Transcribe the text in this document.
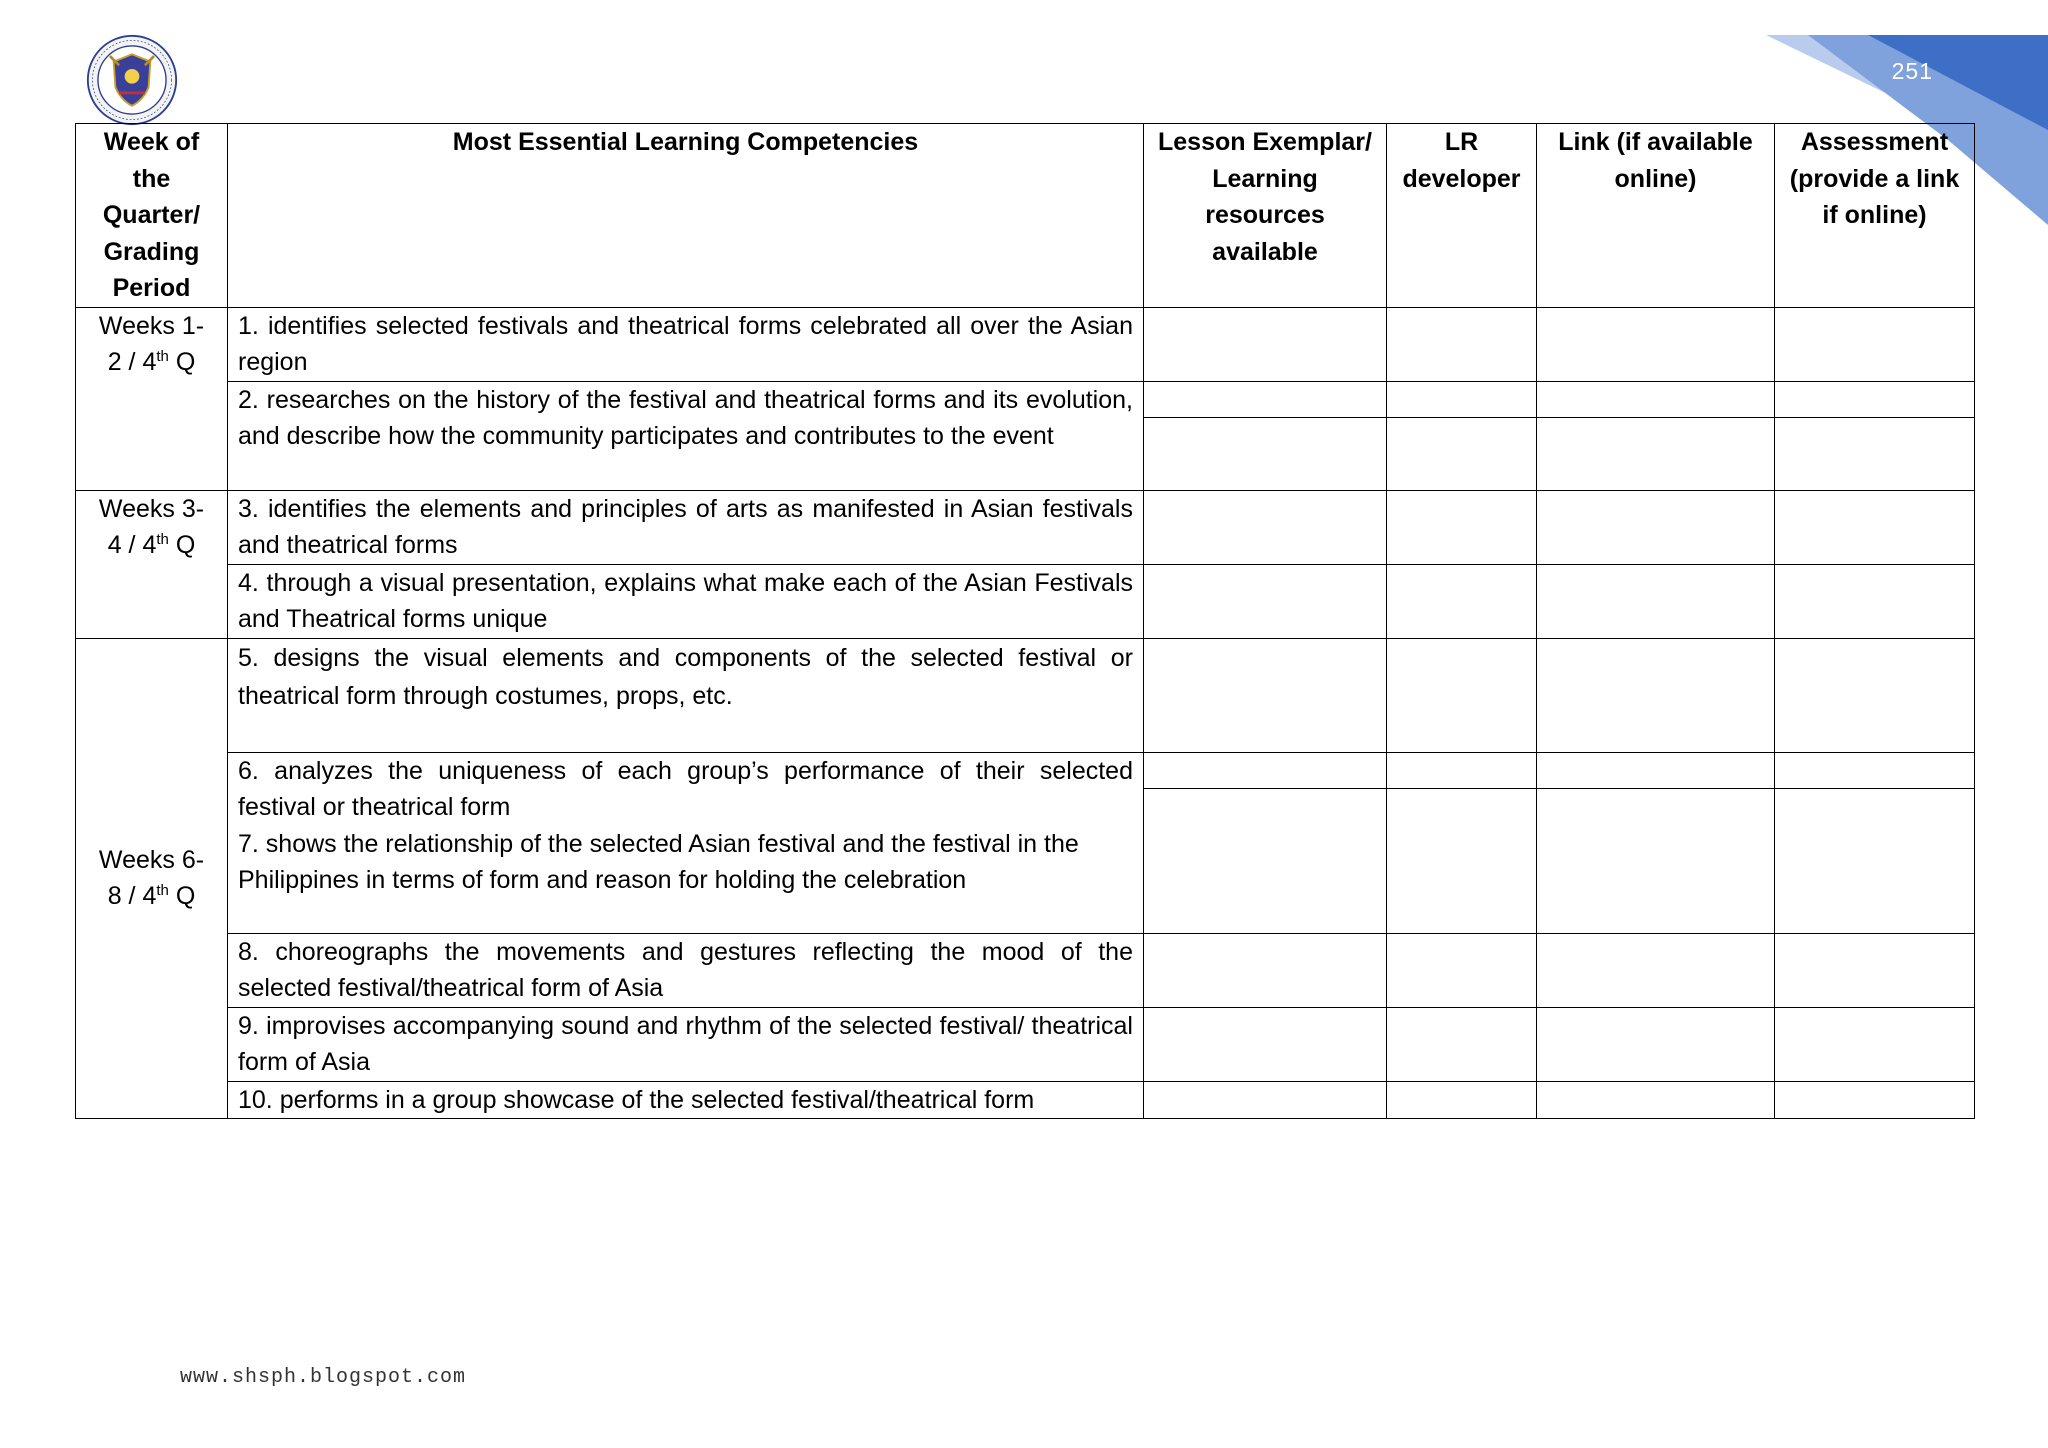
251
Week of the Quarter/ Grading Period	Most Essential Learning Competencies	Lesson Exemplar/ Learning resources available	LR developer	Link (if available online)	Assessment (provide a link if online)
Weeks 1-
2 / 4th Q	1. identifies selected festivals and theatrical forms celebrated all over the Asian region				
	2. researches on the history of the festival and theatrical forms and its evolution, and describe how the community participates and contributes to the event				

Weeks 3-
4 / 4th Q	3. identifies the elements and principles of arts as manifested in Asian festivals and theatrical forms				
	4. through a visual presentation, explains what make each of the Asian Festivals and Theatrical forms unique				
Weeks 6-
8 / 4th Q	5. designs the visual elements and components of the selected festival or theatrical form through costumes, props, etc.				

	6. analyzes the uniqueness of each group’s performance of their selected festival or theatrical form
7. shows the relationship of the selected Asian festival and the festival in the Philippines in terms of form and reason for holding the celebration				

	8. choreographs the movements and gestures reflecting the mood of the selected festival/theatrical form of Asia				
	9. improvises accompanying sound and rhythm of the selected festival/ theatrical form of Asia				
	10. performs in a group showcase of the selected festival/theatrical form				
www.shsph.blogspot.com
